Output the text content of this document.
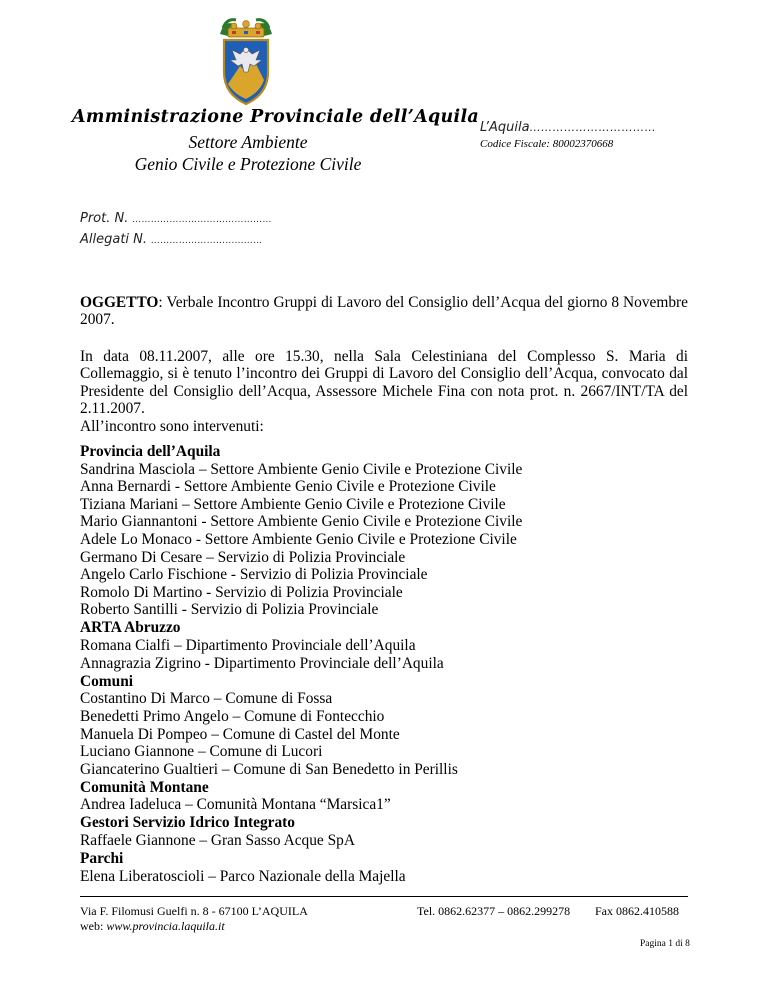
Amministrazione Provinciale dell’Aquila
Settore Ambiente
Genio Civile e Protezione Civile
L’Aquila……………………………
Codice Fiscale: 80002370668
Prot. N. ………………………………………
Allegati N. ………………………………
OGGETTO: Verbale Incontro Gruppi di Lavoro del Consiglio dell’Acqua del giorno 8 Novembre 2007.
In data 08.11.2007, alle ore 15.30, nella Sala Celestiniana del Complesso S. Maria di Collemaggio, si è tenuto l’incontro dei Gruppi di Lavoro del Consiglio dell’Acqua, convocato dal Presidente del Consiglio dell’Acqua, Assessore Michele Fina con nota prot. n. 2667/INT/TA del 2.11.2007.
All’incontro sono intervenuti:
Provincia dell’Aquila
Sandrina Masciola – Settore Ambiente Genio Civile e Protezione Civile
Anna Bernardi - Settore Ambiente Genio Civile e Protezione Civile
Tiziana Mariani – Settore Ambiente Genio Civile e Protezione Civile
Mario Giannantoni - Settore Ambiente Genio Civile e Protezione Civile
Adele Lo Monaco - Settore Ambiente Genio Civile e Protezione Civile
Germano Di Cesare – Servizio di Polizia Provinciale
Angelo Carlo Fischione - Servizio di Polizia Provinciale
Romolo Di Martino - Servizio di Polizia Provinciale
Roberto Santilli - Servizio di Polizia Provinciale
ARTA Abruzzo
Romana Cialfi – Dipartimento Provinciale dell’Aquila
Annagrazia Zigrino - Dipartimento Provinciale dell’Aquila
Comuni
Costantino Di Marco – Comune di Fossa
Benedetti Primo Angelo – Comune di Fontecchio
Manuela Di Pompeo – Comune di Castel del Monte
Luciano Giannone – Comune di Lucori
Giancaterino Gualtieri – Comune di San Benedetto in Perillis
Comunità Montane
Andrea Iadeluca – Comunità Montana “Marsica1”
Gestori Servizio Idrico Integrato
Raffaele Giannone – Gran Sasso Acque SpA
Parchi
Elena Liberatoscioli – Parco Nazionale della Majella
Via F. Filomusi Guelfi n. 8 - 67100 L’AQUILA
web: www.provincia.laquila.it
Tel. 0862.62377 – 0862.299278 Fax 0862.410588
Pagina 1 di 8
